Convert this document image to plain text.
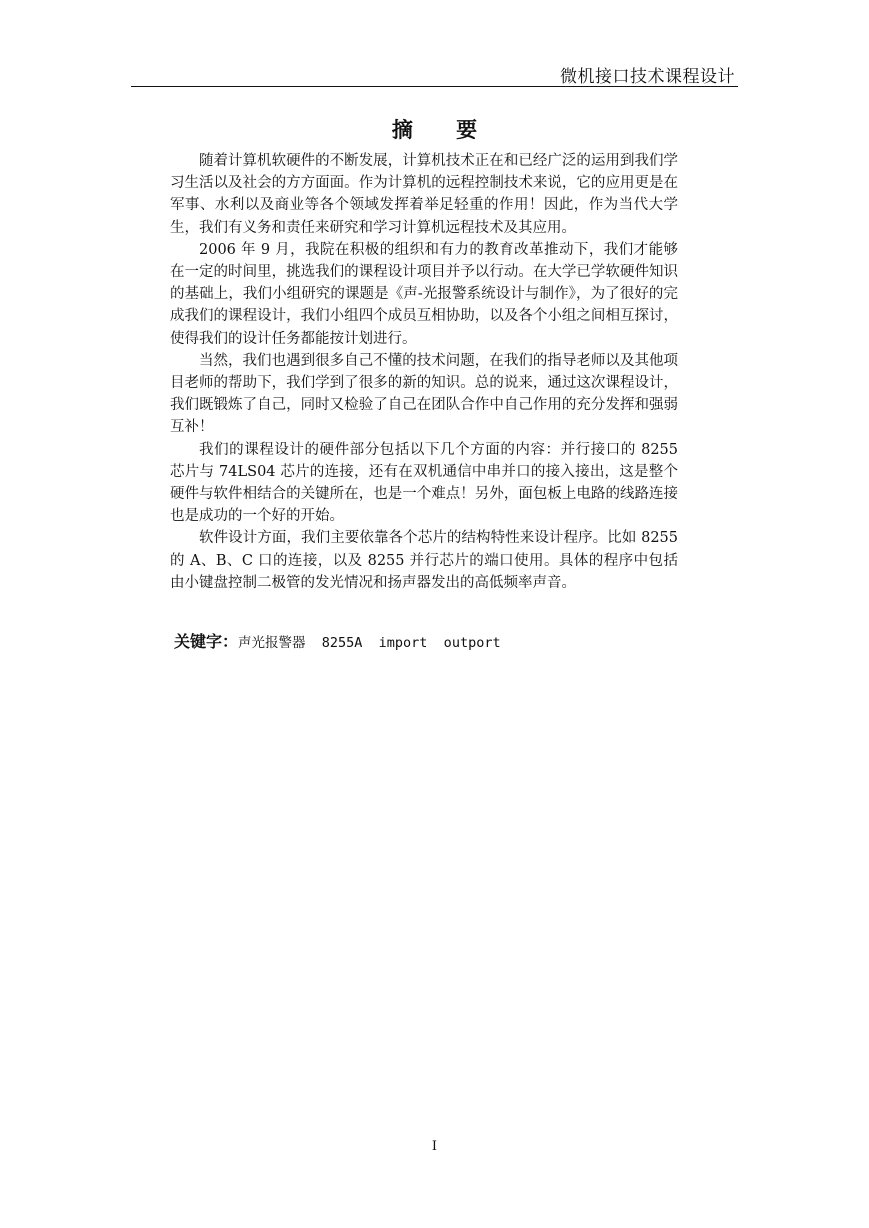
微机接口技术课程设计
摘 要

随着计算机软硬件的不断发展，计算机技术正在和已经广泛的运用到我们学习生活以及社会的方方面面。作为计算机的远程控制技术来说，它的应用更是在军事、水利以及商业等各个领域发挥着举足轻重的作用！因此，作为当代大学生，我们有义务和责任来研究和学习计算机远程技术及其应用。

2006 年 9 月，我院在积极的组织和有力的教育改革推动下，我们才能够在一定的时间里，挑选我们的课程设计项目并予以行动。在大学已学软硬件知识的基础上，我们小组研究的课题是《声-光报警系统设计与制作》，为了很好的完成我们的课程设计，我们小组四个成员互相协助，以及各个小组之间相互探讨，使得我们的设计任务都能按计划进行。

当然，我们也遇到很多自己不懂的技术问题，在我们的指导老师以及其他项目老师的帮助下，我们学到了很多的新的知识。总的说来，通过这次课程设计，我们既锻炼了自己，同时又检验了自己在团队合作中自己作用的充分发挥和强弱互补！

我们的课程设计的硬件部分包括以下几个方面的内容：并行接口的 8255 芯片与 74LS04 芯片的连接，还有在双机通信中串并口的接入接出，这是整个硬件与软件相结合的关键所在，也是一个难点！另外，面包板上电路的线路连接也是成功的一个好的开始。

软件设计方面，我们主要依靠各个芯片的结构特性来设计程序。比如 8255 的 A、B、C 口的连接，以及 8255 并行芯片的端口使用。具体的程序中包括由小键盘控制二极管的发光情况和扬声器发出的高低频率声音。

关键字：声光报警器  8255A  import  outport
I
